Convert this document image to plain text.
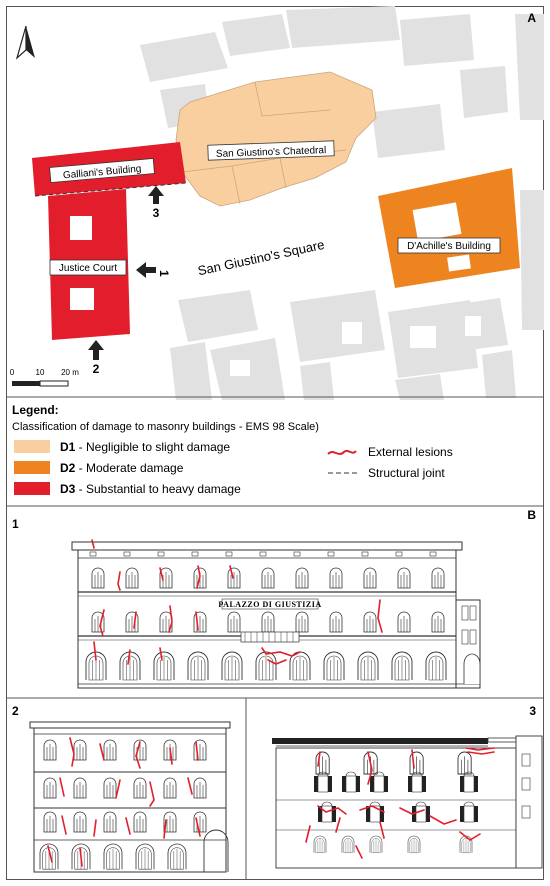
A
Galliani's Building
San Giustino's Chatedral
Justice Court
D'Achille's Building
San Giustino's Square
1
2
3
0	10 20 m
Legend:
Classification of damage to masonry buildings - EMS 98 Scale)
D1 - Negligible to slight damage
D2 - Moderate damage
D3 - Substantial to heavy damage
External lesions
Structural joint
B
1
PALAZZO DI GIUSTIZIA
2	3
